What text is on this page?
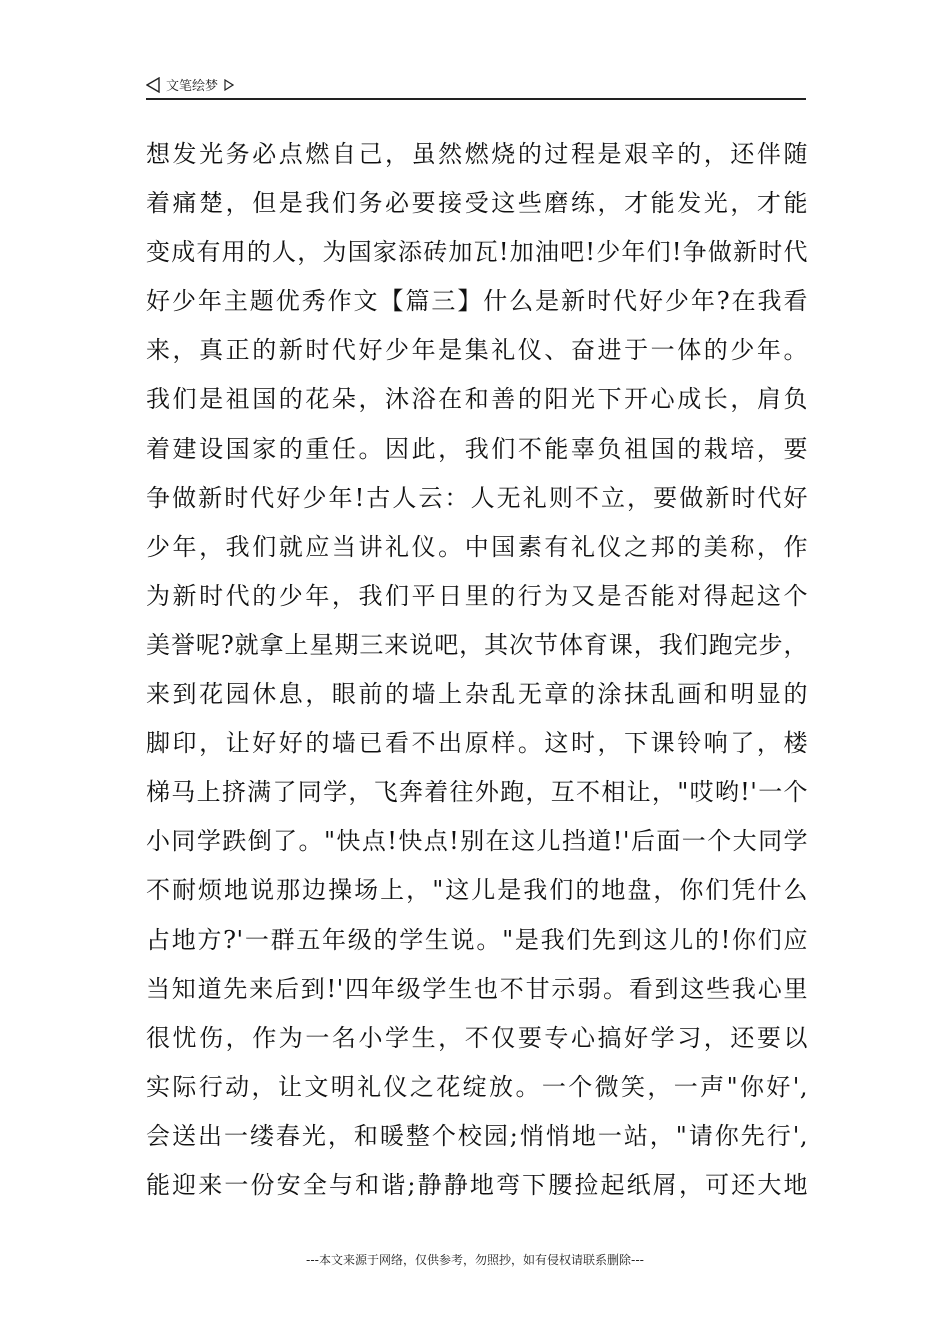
文笔绘梦
想发光务必点燃自己，虽然燃烧的过程是艰辛的，还伴随
着痛楚，但是我们务必要接受这些磨练，才能发光，才能
变成有用的人，为国家添砖加瓦!加油吧!少年们!争做新时代
好少年主题优秀作文【篇三】什么是新时代好少年?在我看
来，真正的新时代好少年是集礼仪、奋进于一体的少年。
我们是祖国的花朵，沐浴在和善的阳光下开心成长，肩负
着建设国家的重任。因此，我们不能辜负祖国的栽培，要
争做新时代好少年!古人云：人无礼则不立，要做新时代好
少年，我们就应当讲礼仪。中国素有礼仪之邦的美称，作
为新时代的少年，我们平日里的行为又是否能对得起这个
美誉呢?就拿上星期三来说吧，其次节体育课，我们跑完步，
来到花园休息，眼前的墙上杂乱无章的涂抹乱画和明显的
脚印，让好好的墙已看不出原样。这时，下课铃响了，楼
梯马上挤满了同学，飞奔着往外跑，互不相让，"哎哟!'一个
小同学跌倒了。"快点!快点!别在这儿挡道!'后面一个大同学
不耐烦地说那边操场上，"这儿是我们的地盘，你们凭什么
占地方?'一群五年级的学生说。"是我们先到这儿的!你们应
当知道先来后到!'四年级学生也不甘示弱。看到这些我心里
很忧伤，作为一名小学生，不仅要专心搞好学习，还要以
实际行动，让文明礼仪之花绽放。一个微笑，一声"你好',
会送出一缕春光，和暖整个校园;悄悄地一站，"请你先行',
能迎来一份安全与和谐;静静地弯下腰捡起纸屑，可还大地
---本文来源于网络，仅供参考，勿照抄，如有侵权请联系删除---
